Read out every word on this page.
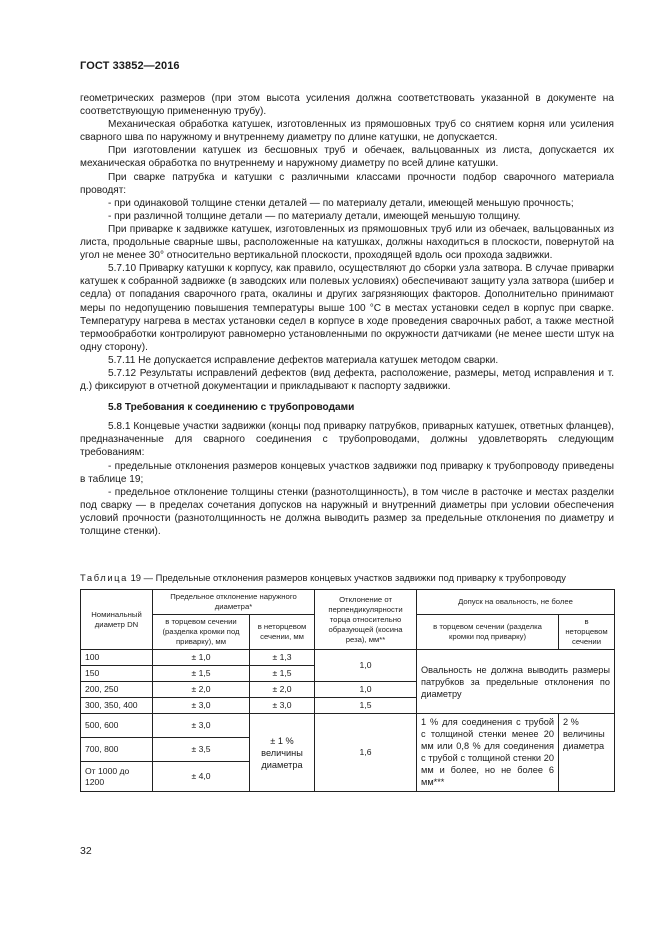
ГОСТ 33852—2016

геометрических размеров (при этом высота усиления должна соответствовать указанной в документе на соответствующую примененную трубу).

Механическая обработка катушек, изготовленных из прямошовных труб со снятием корня или усиления сварного шва по наружному и внутреннему диаметру по длине катушки, не допускается.

При изготовлении катушек из бесшовных труб и обечаек, вальцованных из листа, допускается их механическая обработка по внутреннему и наружному диаметру по всей длине катушки.

При сварке патрубка и катушки с различными классами прочности подбор сварочного материала проводят:

- при одинаковой толщине стенки деталей — по материалу детали, имеющей меньшую прочность;

- при различной толщине детали — по материалу детали, имеющей меньшую толщину.

При приварке к задвижке катушек, изготовленных из прямошовных труб или из обечаек, вальцованных из листа, продольные сварные швы, расположенные на катушках, должны находиться в плоскости, повернутой на угол не менее 30° относительно вертикальной плоскости, проходящей вдоль оси прохода задвижки.

5.7.10 Приварку катушки к корпусу, как правило, осуществляют до сборки узла затвора. В случае приварки катушек к собранной задвижке (в заводских или полевых условиях) обеспечивают защиту узла затвора (шибер и седла) от попадания сварочного грата, окалины и других загрязняющих факторов. Дополнительно принимают меры по недопущению повышения температуры выше 100 °С в местах установки седел в корпус при сварке. Температуру нагрева в местах установки седел в корпусе в ходе проведения сварочных работ, а также местной термообработки контролируют равномерно установленными по окружности датчиками (не менее шести штук на одну сторону).

5.7.11 Не допускается исправление дефектов материала катушек методом сварки.

5.7.12 Результаты исправлений дефектов (вид дефекта, расположение, размеры, метод исправления и т. д.) фиксируют в отчетной документации и прикладывают к паспорту задвижки.

5.8 Требования к соединению с трубопроводами

5.8.1 Концевые участки задвижки (концы под приварку патрубков, приварных катушек, ответных фланцев), предназначенные для сварного соединения с трубопроводами, должны удовлетворять следующим требованиям:

- предельные отклонения размеров концевых участков задвижки под приварку к трубопроводу приведены в таблице 19;

- предельное отклонение толщины стенки (разнотолщинность), в том числе в расточке и местах разделки под сварку — в пределах сочетания допусков на наружный и внутренний диаметры при условии обеспечения условий прочности (разнотолщинность не должна выводить размер за предельные отклонения по диаметру и толщине стенки).

Таблица 19 — Предельные отклонения размеров концевых участков задвижки под приварку к трубопроводу
Номинальный диаметр DN	Предельное отклонение наружного диаметра*		Отклонение от перпендикулярности торца относительно образующей (косина реза), мм**	Допуск на овальность, не более	
	в торцевом сечении (разделка кромки под приварку), мм	в неторцевом сечении, мм		в торцевом сечении (разделка кромки под приварку)	в неторцевом сечении
100	± 1,0	± 1,3	1,0	Овальность не должна выводить размеры патрубков за предельные отклонения по диаметру	
150	± 1,5	± 1,5			
200, 250	± 2,0	± 2,0	1,0		
300, 350, 400	± 3,0	± 3,0	1,5		
500, 600	± 3,0	± 1 % величины диаметра	1,6	1 % для соединения с трубой с толщиной стенки менее 20 мм или 0,8 % для соединения с трубой с толщиной стенки 20 мм и более, но не более 6 мм***	2 % величины диаметра
700, 800	± 3,5				
От 1000 до 1200	± 4,0				
32
